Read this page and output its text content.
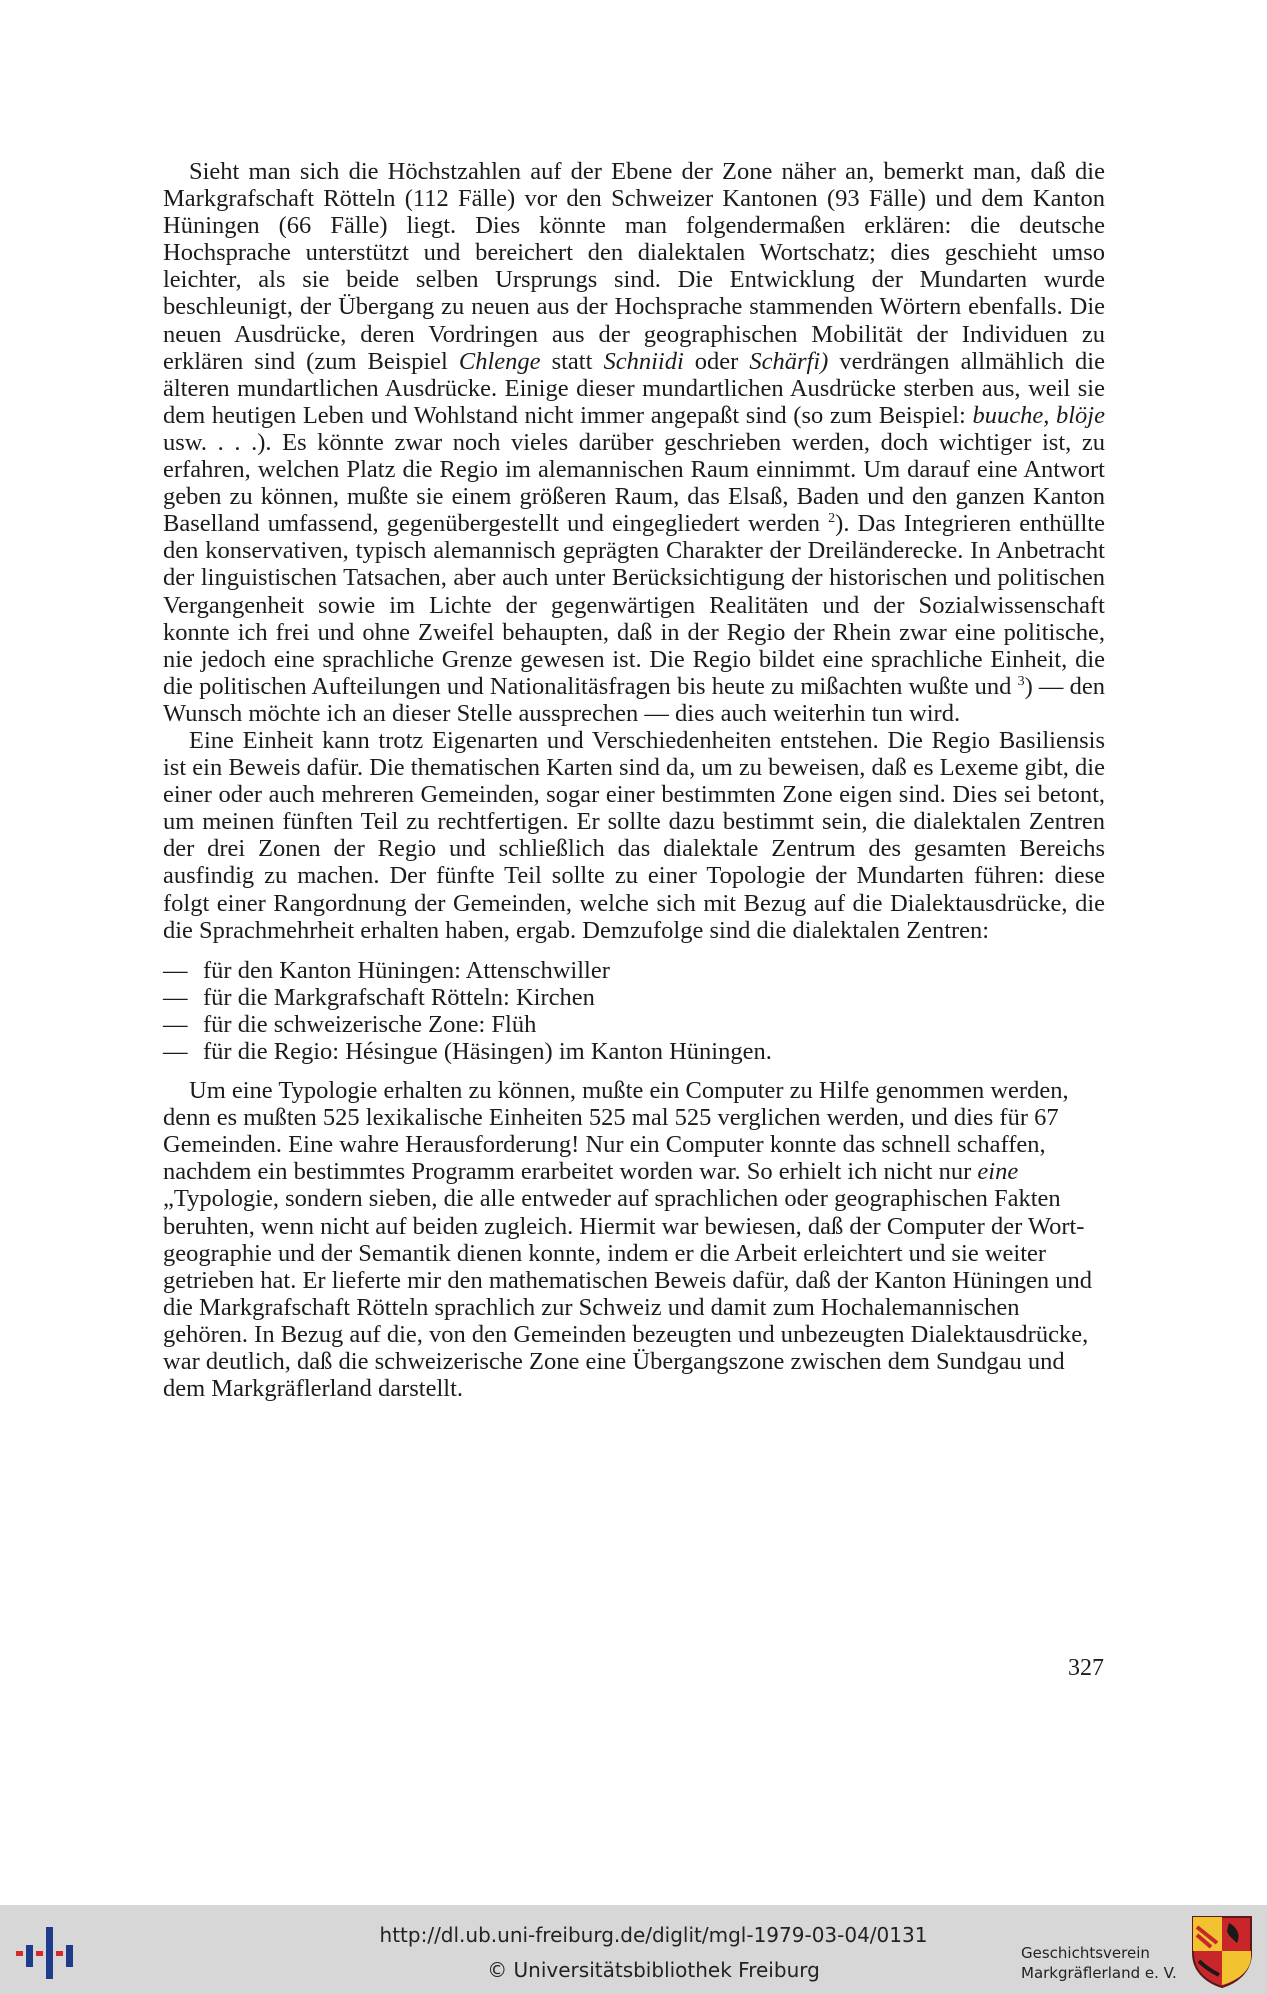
Sieht man sich die Höchstzahlen auf der Ebene der Zone näher an, bemerkt man, daß die Markgrafschaft Rötteln (112 Fälle) vor den Schweizer Kantonen (93 Fälle) und dem Kanton Hüningen (66 Fälle) liegt. Dies könnte man folgendermaßen erklären: die deutsche Hochsprache unterstützt und bereichert den dialektalen Wortschatz; dies geschieht umso leichter, als sie beide selben Ursprungs sind. Die Entwicklung der Mundarten wurde beschleunigt, der Übergang zu neuen aus der Hochsprache stammenden Wörtern ebenfalls. Die neuen Ausdrücke, deren Vordringen aus der geographischen Mobilität der Individuen zu erklären sind (zum Beispiel Chlenge statt Schniidi oder Schärfi) verdrängen allmählich die älteren mundartlichen Ausdrücke. Einige dieser mundartlichen Ausdrücke sterben aus, weil sie dem heutigen Leben und Wohlstand nicht immer angepaßt sind (so zum Beispiel: buuche, blöje usw. . . .). Es könnte zwar noch vieles darüber geschrieben werden, doch wichtiger ist, zu erfahren, welchen Platz die Regio im alemannischen Raum einnimmt. Um darauf eine Antwort geben zu können, mußte sie einem größeren Raum, das Elsaß, Baden und den ganzen Kanton Baselland umfassend, gegenübergestellt und eingegliedert werden $^2$). Das Integrieren enthüllte den konservativen, typisch alemannisch geprägten Charakter der Dreiländerecke. In Anbetracht der linguistischen Tatsachen, aber auch unter Berücksichtigung der historischen und politischen Vergangenheit sowie im Lichte der gegenwärtigen Realitäten und der Sozialwissenschaft konnte ich frei und ohne Zweifel behaupten, daß in der Regio der Rhein zwar eine politische, nie jedoch eine sprachliche Grenze gewesen ist. Die Regio bildet eine sprachliche Einheit, die die politischen Aufteilungen und Nationalitäsfragen bis heute zu mißachten wußte und $^3$) — den Wunsch möchte ich an dieser Stelle aussprechen — dies auch weiterhin tun wird.

Eine Einheit kann trotz Eigenarten und Verschiedenheiten entstehen. Die Regio Basiliensis ist ein Beweis dafür. Die thematischen Karten sind da, um zu beweisen, daß es Lexeme gibt, die einer oder auch mehreren Gemeinden, sogar einer bestimmten Zone eigen sind. Dies sei betont, um meinen fünften Teil zu rechtfertigen. Er sollte dazu bestimmt sein, die dialektalen Zentren der drei Zonen der Regio und schließlich das dialektale Zentrum des gesamten Bereichs ausfindig zu machen. Der fünfte Teil sollte zu einer Topologie der Mundarten führen: diese folgt einer Rangordnung der Gemeinden, welche sich mit Bezug auf die Dialektausdrücke, die die Sprachmehrheit erhalten haben, ergab. Demzufolge sind die dialektalen Zentren:

— für den Kanton Hüningen: Attenschwiller
— für die Markgrafschaft Rötteln: Kirchen
— für die schweizerische Zone: Flüh
— für die Regio: Hésingue (Häsingen) im Kanton Hüningen.

Um eine Typologie erhalten zu können, mußte ein Computer zu Hilfe genommen werden, denn es mußten 525 lexikalische Einheiten 525 mal 525 verglichen werden, und dies für 67 Gemeinden. Eine wahre Herausforderung! Nur ein Computer konnte das schnell schaffen, nachdem ein bestimmtes Programm erarbeitet worden war. So erhielt ich nicht nur eine „Typologie, sondern sieben, die alle entweder auf sprachlichen oder geographischen Fakten beruhten, wenn nicht auf beiden zugleich. Hiermit war bewiesen, daß der Computer der Wortgeographie und der Semantik dienen konnte, indem er die Arbeit erleichtert und sie weiter getrieben hat. Er lieferte mir den mathematischen Beweis dafür, daß der Kanton Hüningen und die Markgrafschaft Rötteln sprachlich zur Schweiz und damit zum Hochalemannischen gehören. In Bezug auf die, von den Gemeinden bezeugten und unbezeugten Dialektausdrücke, war deutlich, daß die schweizerische Zone eine Übergangszone zwischen dem Sundgau und dem Markgräflerland darstellt.

327
http://dl.ub.uni-freiburg.de/diglit/mgl-1979-03-04/0131
© Universitätsbibliothek Freiburg
Geschichtsverein
Markgräflerland e. V.
